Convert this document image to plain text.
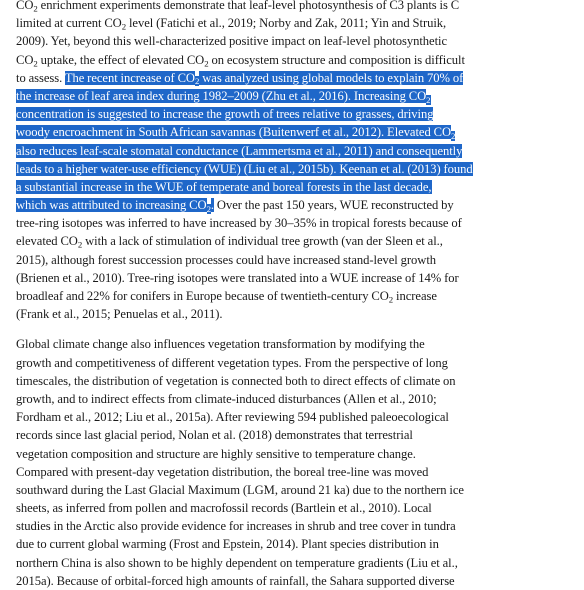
$CO_2$ enrichment experiments demonstrate that leaf-level photosynthesis of C3 plants is C
limited at current $CO_2$ level (Fatichi et al., 2019; Norby and Zak, 2011; Yin and Struik,
2009). Yet, beyond this well-characterized positive impact on leaf-level photosynthetic
$CO_2$ uptake, the effect of elevated $CO_2$ on ecosystem structure and composition is difficult
to assess. The recent increase of $CO_2$ was analyzed using global models to explain 70% of
the increase of leaf area index during 1982–2009 (Zhu et al., 2016). Increasing $CO_2$
concentration is suggested to increase the growth of trees relative to grasses, driving
woody encroachment in South African savannas (Buitenwerf et al., 2012). Elevated $CO_2$
also reduces leaf-scale stomatal conductance (Lammertsma et al., 2011) and consequently
leads to a higher water-use efficiency (WUE) (Liu et al., 2015b). Keenan et al. (2013) found
a substantial increase in the WUE of temperate and boreal forests in the last decade,
which was attributed to increasing $CO_2$. Over the past 150 years, WUE reconstructed by
tree-ring isotopes was inferred to have increased by 30–35% in tropical forests because of
elevated $CO_2$ with a lack of stimulation of individual tree growth (van der Sleen et al.,
2015), although forest succession processes could have increased stand-level growth
(Brienen et al., 2010). Tree-ring isotopes were translated into a WUE increase of 14% for
broadleaf and 22% for conifers in Europe because of twentieth-century $CO_2$ increase
(Frank et al., 2015; Penuelas et al., 2011).

Global climate change also influences vegetation transformation by modifying the
growth and competitiveness of different vegetation types. From the perspective of long
timescales, the distribution of vegetation is connected both to direct effects of climate on
growth, and to indirect effects from climate-induced disturbances (Allen et al., 2010;
Fordham et al., 2012; Liu et al., 2015a). After reviewing 594 published paleoecological
records since last glacial period, Nolan et al. (2018) demonstrates that terrestrial
vegetation composition and structure are highly sensitive to temperature change.
Compared with present-day vegetation distribution, the boreal tree-line was moved
southward during the Last Glacial Maximum (LGM, around 21 ka) due to the northern ice
sheets, as inferred from pollen and macrofossil records (Bartlein et al., 2010). Local
studies in the Arctic also provide evidence for increases in shrub and tree cover in tundra
due to current global warming (Frost and Epstein, 2014). Plant species distribution in
northern China is also shown to be highly dependent on temperature gradients (Liu et al.,
2015a). Because of orbital-forced high amounts of rainfall, the Sahara supported diverse
